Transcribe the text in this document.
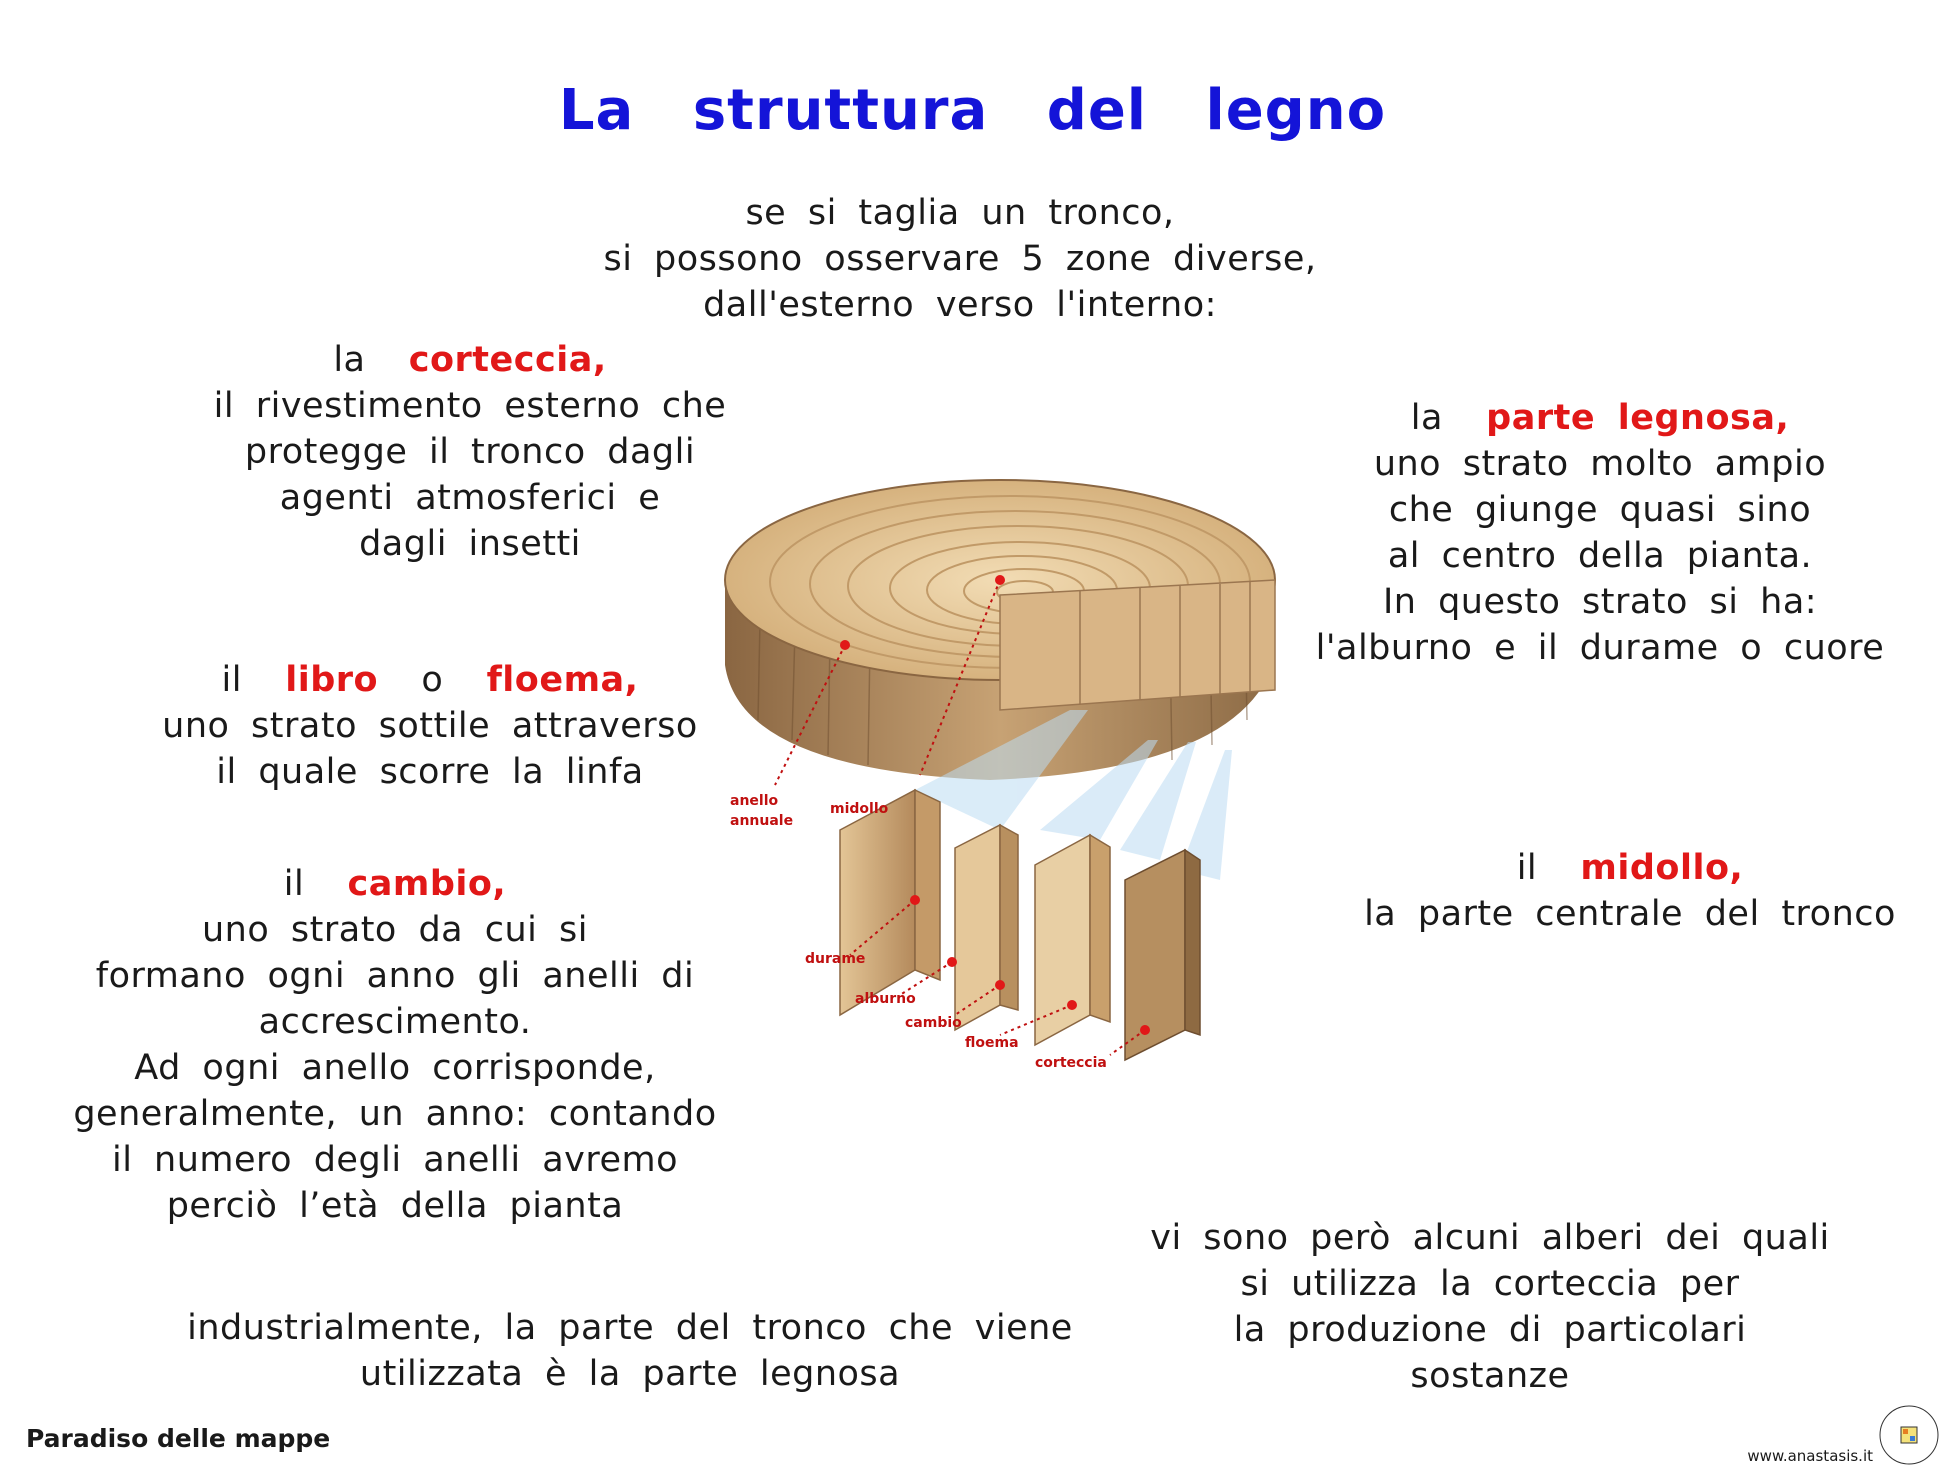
La struttura del legno
se si taglia un tronco,
si possono osservare 5 zone diverse,
dall'esterno verso l'interno:
la corteccia,
il rivestimento esterno che
protegge il tronco dagli
agenti atmosferici e
dagli insetti
il libro o floema,
uno strato sottile attraverso
il quale scorre la linfa
il cambio,
uno strato da cui si
formano ogni anno gli anelli di
accrescimento.
Ad ogni anello corrisponde,
generalmente, un anno: contando
il numero degli anelli avremo
perciò l’età della pianta
la parte legnosa,
uno strato molto ampio
che giunge quasi sino
al centro della pianta.
In questo strato si ha:
l'alburno e il durame o cuore
il midollo,
la parte centrale del tronco
industrialmente, la parte del tronco che viene
utilizzata è la parte legnosa
vi sono però alcuni alberi dei quali
si utilizza la corteccia per
la produzione di particolari
sostanze
anello
annuale
midollo
durame
alburno
cambio
floema
corteccia
Paradiso delle mappe
www.anastasis.it
